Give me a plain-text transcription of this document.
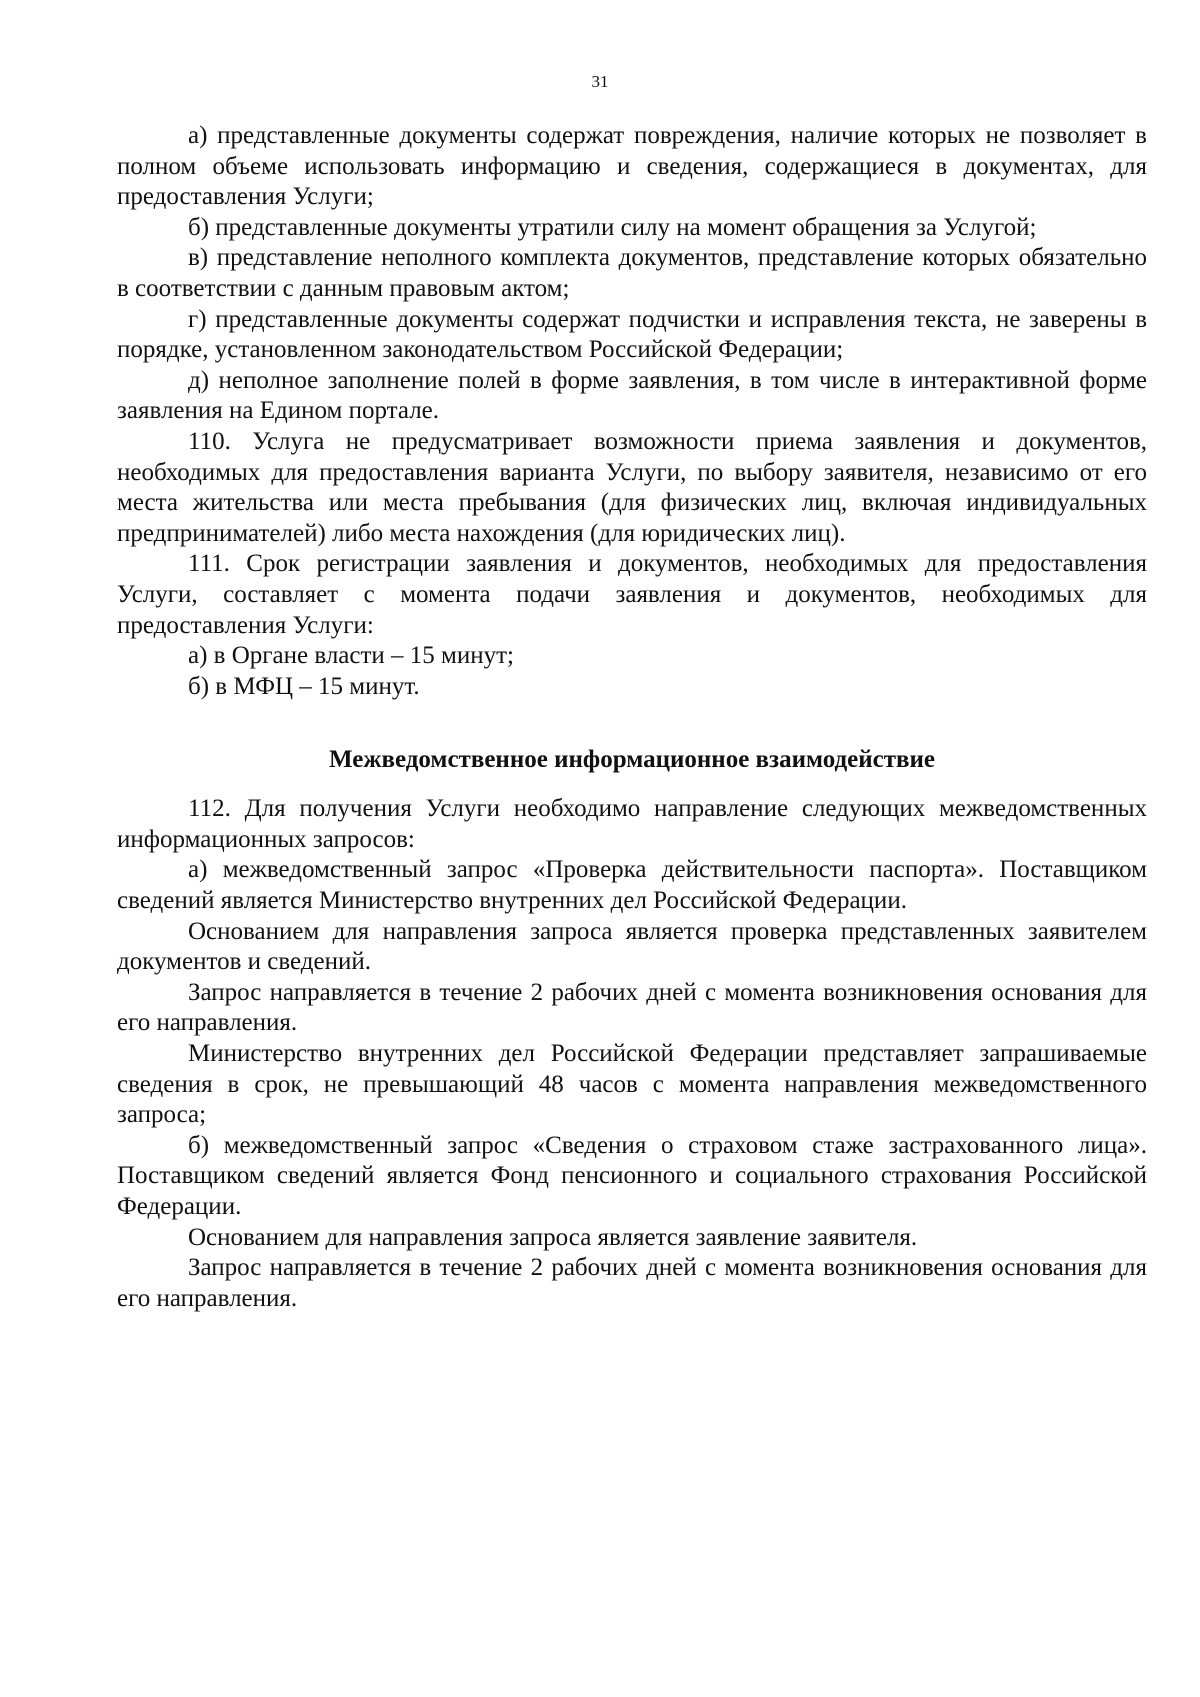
31

а) представленные документы содержат повреждения, наличие которых не позволяет в полном объеме использовать информацию и сведения, содержащиеся в документах, для предоставления Услуги;

б) представленные документы утратили силу на момент обращения за Услугой;

в) представление неполного комплекта документов, представление которых обязательно в соответствии с данным правовым актом;

г) представленные документы содержат подчистки и исправления текста, не заверены в порядке, установленном законодательством Российской Федерации;

д) неполное заполнение полей в форме заявления, в том числе в интерактивной форме заявления на Едином портале.

110. Услуга не предусматривает возможности приема заявления и документов, необходимых для предоставления варианта Услуги, по выбору заявителя, независимо от его места жительства или места пребывания (для физических лиц, включая индивидуальных предпринимателей) либо места нахождения (для юридических лиц).

111. Срок регистрации заявления и документов, необходимых для предоставления Услуги, составляет с момента подачи заявления и документов, необходимых для предоставления Услуги:

а) в Органе власти – 15 минут;

б) в МФЦ – 15 минут.

Межведомственное информационное взаимодействие

112. Для получения Услуги необходимо направление следующих межведомственных информационных запросов:

а) межведомственный запрос «Проверка действительности паспорта». Поставщиком сведений является Министерство внутренних дел Российской Федерации.

Основанием для направления запроса является проверка представленных заявителем документов и сведений.

Запрос направляется в течение 2 рабочих дней с момента возникновения основания для его направления.

Министерство внутренних дел Российской Федерации представляет запрашиваемые сведения в срок, не превышающий 48 часов с момента направления межведомственного запроса;

б) межведомственный запрос «Сведения о страховом стаже застрахованного лица». Поставщиком сведений является Фонд пенсионного и социального страхования Российской Федерации.

Основанием для направления запроса является заявление заявителя.

Запрос направляется в течение 2 рабочих дней с момента возникновения основания для его направления.
